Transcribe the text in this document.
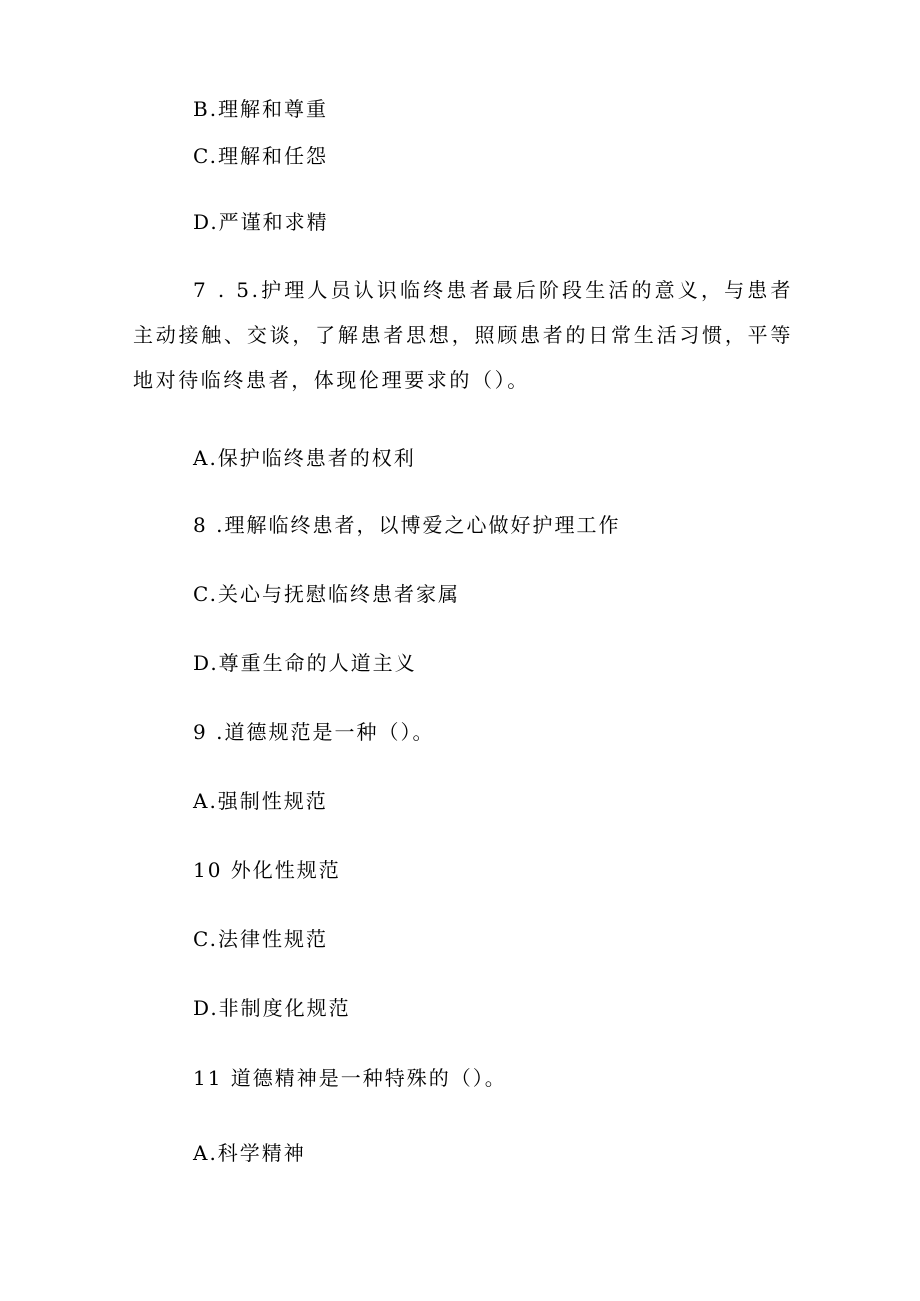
B.理解和尊重
C.理解和任怨
D.严谨和求精
7 . 5.护理人员认识临终患者最后阶段生活的意义，与患者主动接触、交谈，了解患者思想，照顾患者的日常生活习惯，平等地对待临终患者，体现伦理要求的（）。
A.保护临终患者的权利
8 .理解临终患者，以博爱之心做好护理工作
C.关心与抚慰临终患者家属
D.尊重生命的人道主义
9 .道德规范是一种（）。
A.强制性规范
10 外化性规范
C.法律性规范
D.非制度化规范
11 道德精神是一种特殊的（）。
A.科学精神
